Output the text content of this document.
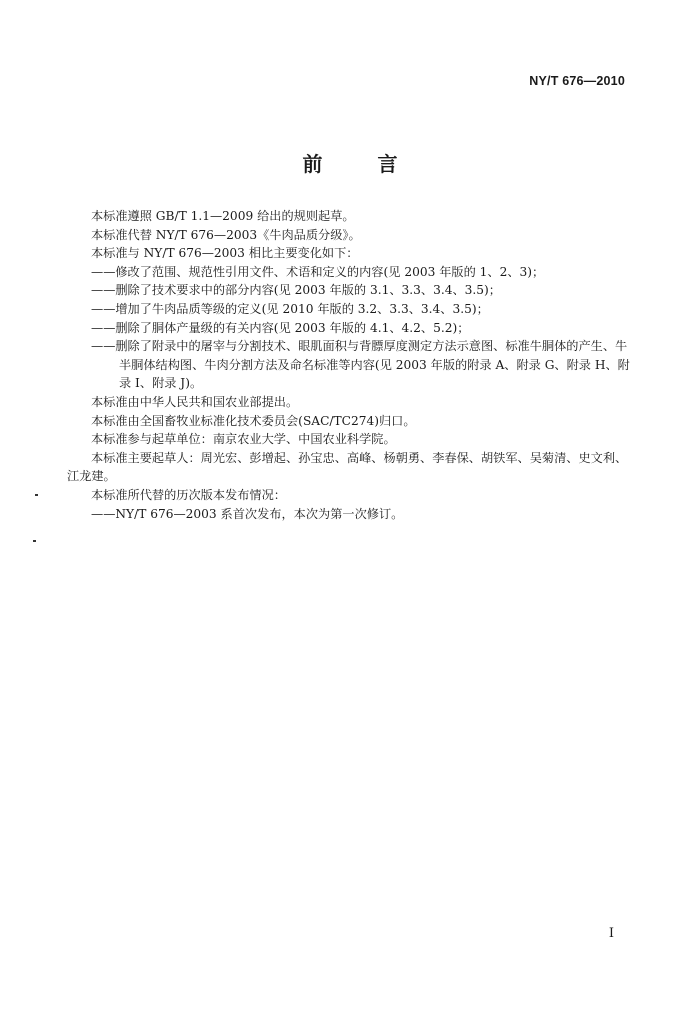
NY/T 676—2010
前 言

本标准遵照 GB/T 1.1—2009 给出的规则起草。

本标准代替 NY/T 676—2003《牛肉品质分级》。

本标准与 NY/T 676—2003 相比主要变化如下：

——修改了范围、规范性引用文件、术语和定义的内容(见 2003 年版的 1、2、3)；

——删除了技术要求中的部分内容(见 2003 年版的 3.1、3.3、3.4、3.5)；

——增加了牛肉品质等级的定义(见 2010 年版的 3.2、3.3、3.4、3.5)；

——删除了胴体产量级的有关内容(见 2003 年版的 4.1、4.2、5.2)；

——删除了附录中的屠宰与分割技术、眼肌面积与背膘厚度测定方法示意图、标准牛胴体的产生、牛半胴体结构图、牛肉分割方法及命名标准等内容(见 2003 年版的附录 A、附录 G、附录 H、附录 I、附录 J)。

本标准由中华人民共和国农业部提出。

本标准由全国畜牧业标准化技术委员会(SAC/TC274)归口。

本标准参与起草单位：南京农业大学、中国农业科学院。

本标准主要起草人：周光宏、彭增起、孙宝忠、高峰、杨朝勇、李春保、胡铁军、吴菊清、史文利、江龙建。

本标准所代替的历次版本发布情况：

——NY/T 676—2003 系首次发布，本次为第一次修订。

I
